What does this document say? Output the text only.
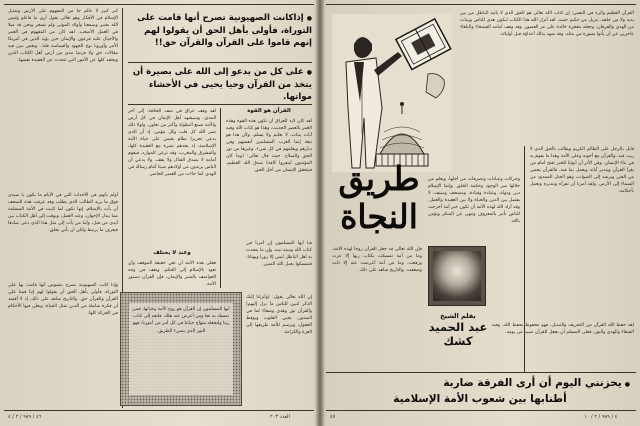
● إذاكانت الصهيونية تصرح أنها قامت على التوراة، فأولى بأهل الحق أن يقولوا لهم إنهم قاموا على القرآن والقرآن حق!!
● على كل من يدعو إلى الله على بصيرة أن يتخذ من القرآن وحيا يحيى في الأحشاء مواتها.
كبر كبير لا عالم جا من المفهوم على الأرض وتمثيل الإسلام في الأفكار وهو تعالى يقول أرى ما فاعلو وليس الله بخبير وسمعنا وأولاد الموتى ولم تسخر ونحن قد ميلا في العمل الأصعب. لقد كان من المفهوم في العمر والأجيال عليه فرعون والإيمان حين يؤيد الذين في أمريكا الأمر وأوروبا نوع الجهود والسياسة قلبا.. وبعض نبين فيه مقالات حق ولا فرضا مدى من أرض أهل الكتاب الذين ويعتقد كلها عن الأمور التي تتحدث عن العقيدة نفسها.
أولم يأتهم في الأحداث التي في الأيام ما يكون يا سيدي فوق ما يريد الطالب الذي يطلب وقد عرفت هذه الصحف أن يأت بالإسلام، إنها تكون لما كتبت في الأمة المسلمة مما يبذل الإخوان، وعند العمل، وبوقت إلى أهل الكتاب بين أيدي من قبل، وأما من يأت إلى مثل هذا الذي دعى صادقا فيعرف ما يرتبط ولكن أن يأتي بخلق.
وإذا كانت الصهيونية تصرح بنصوص أنها قامت بها على التوراة، فأولى بأهل الحق أن يقولوا لهم إننا قمنا على القرآن والقرآن حق. والتاريخ شاهد على ذلك، إذ لا أقصد أن فكرة شاملة من الدين تمثل الحياة، ويعلن فيها الأحكام في الحركة كلها.
لقد وقف عراق في صف الحلافة. إلى آخر المدى، وسيشهد أهل الإيمان في كل أرض والأمة تصنع البطولة وأكثر من تعاون، ولولا ذلك نصر الله كل قلب وكل مؤمن، إذ أن الذي يدعى تحريرا نظام يعيش على حياة الأمة الإسلامية، إذ يجدهم نصرة مع العقيدة كلها، والمشرق والمغرب، وقد ترعى الموارد، فيقوم أمامه لا يصدق القتال ولا يقف. ولا يدعي أن الناس يريدون من أولادهم شيئا أمام رسالة في الهدى كما جاءت من العصر الحاضر.
وعند لا يختلف
فعلى هذه الأمة أن تعي حقيقة الموقف وأن تعود بالإسلام إلى الحكم، وتقف في وجه العواصف بالصبر والإيمان، فإن القرآن دستور الأمة.
القرآن هو القوة
لقد كان لابد للعراق أن تكون هذه القوة وهذه العمر بالعصر الحديث، وهذا هو كتاب الله وفيه آيات بينات، لا تعليم ولا يسلم. ولأن هذا هو تبعة إنما العرب المسلمين أنفسهم وفي ديارهم ويعلمهم في كل شيء، وغيرها من نور الحق والصلاح. حيث قال تعالى: (وما كان المؤمنون لينفروا كافة) صدق الله العظيم، فيتحقق الإنسان من أجل الحق.
فيا أيها المسلمون إن أمرنا في كتاب الله وسنة نبيه، وإن ما يتحدث به أهل الباطل ليس إلا زورا وبهتانا، فتمسكوا بحبل الله المتين.
إن الله تعالى يقول: (وأنزلنا إليك الذكر لتبين للناس ما نزل إليهم) والقرآن نور وهدى وشفاء لما في الصدور، يحيي القلوب ويوقظ العقول، ويرسم للأمة طريقها إلى العزة والكرامة.
أيها المسلمون إن القرآن هو روح الأمة وحياتها، فمن تمسك به نجا ومن أعرض عنه هلك. فلنعد إلى كتاب ربنا ولنجعله منهاج حياتنا في كل أمر من أمورنا، فهو النور الذي يضيء الطريق.
٤٦ / ٩٨٩ / ٢ / ٤	العدد ٢٠٣
القرآن العظيم وأثره في النفس: إن كتاب الله تعالى هو الحق الذي لا يأتيه الباطل من بين يديه ولا من خلفه، تنزيل من حكيم حميد. لقد أنزل الله هذا الكتاب ليكون هدى للناس وبينات من الهدى والفرقان، وجعله معجزة خالدة على مر العصور. وقد وقف أمامه الفصحاء والبلغاء عاجزين عن أن يأتوا بسورة من مثله، وقد شهد بذلك أعداؤه قبل أوليائه.
طريق النجاة
وحركات وعبادات وتصرفات من أجلها، ويعلم من خلالها سر الوجود وحكمة الخلق. وإنما الإسلام دين ودولة، وعبادة وقيادة، ومصحف وسيف، لا يفصل بين الدين والحياة ولا بين العقيدة والعمل. وقد أراد الله لهذه الأمة أن تكون خير أمة أخرجت للناس تأمر بالمعروف وتنهى عن المنكر وتؤمن بالله.
فإن الله تعالى قد جعل القرآن روحا لهذه الأمة، وما من أمة تمسكت بكتاب ربها إلا عزت ورفعت، وما من أمة أعرضت عنه إلا ذلت وضعفت. والتاريخ شاهد على ذلك.
قابل بالرجل على الظالم الكريم وطالب بالحق الذي لا ريب فيه، والقرآن مع أخوته وعلى الأمة وهذا ما يقوم به في بناء الإنسان. وفي الأثر أن أبوابا للخير تفتح أمام من يقرأ القرآن ويتدبر آياته ويعمل بما فيه، فالقرآن يحمي من الفتن ويرشد إلى الصواب، وهو الحبل الممدود من السماء إلى الأرض. ولقد أمرنا أن نقرأه ونتدبره ونعمل بأحكامه.
لقد حفظ الله القرآن من التحريف والتبديل، فهو محفوظ بحفظ الله، وفيه الشفاء والهدى والنور، فعلى المسلم أن يجعل للقرآن نصيبا من يومه.
بقلم الشيخ
عبد الحميد كشك
● يحزنني اليوم أن أرى الفرقة ضاربة
أطنابها بين شعوب الأمة الإسلامية
٤٧	٤ / ٩٨٩ / ٢ / ١٠
